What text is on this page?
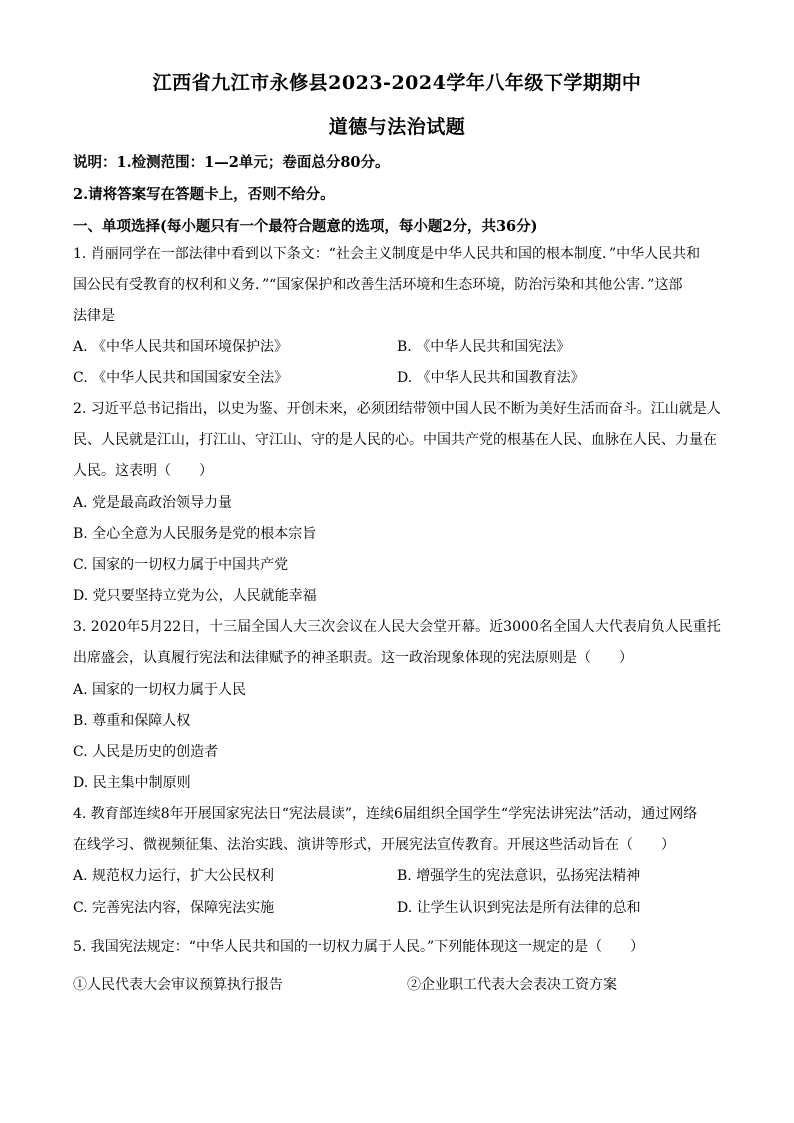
江西省九江市永修县2023-2024学年八年级下学期期中
道德与法治试题
说明：1.检测范围：1—2单元；卷面总分80分。
2.请将答案写在答题卡上，否则不给分。
一、单项选择(每小题只有一个最符合题意的选项，每小题2分，共36分)
1. 肖丽同学在一部法律中看到以下条文：“社会主义制度是中华人民共和国的根本制度．”中华人民共和
国公民有受教育的权利和义务．”“国家保护和改善生活环境和生态环境，防治污染和其他公害．”这部
法律是
A. 《中华人民共和国环境保护法》	B. 《中华人民共和国宪法》
C. 《中华人民共和国国家安全法》	D. 《中华人民共和国教育法》
2. 习近平总书记指出，以史为鉴、开创未来，必须团结带领中国人民不断为美好生活而奋斗。江山就是人
民、人民就是江山，打江山、守江山、守的是人民的心。中国共产党的根基在人民、血脉在人民、力量在
人民。这表明（　　）
A. 党是最高政治领导力量
B. 全心全意为人民服务是党的根本宗旨
C. 国家的一切权力属于中国共产党
D. 党只要坚持立党为公，人民就能幸福
3. 2020年5月22日，十三届全国人大三次会议在人民大会堂开幕。近3000名全国人大代表肩负人民重托
出席盛会，认真履行宪法和法律赋予的神圣职责。这一政治现象体现的宪法原则是（　　）
A. 国家的一切权力属于人民
B. 尊重和保障人权
C. 人民是历史的创造者
D. 民主集中制原则
4. 教育部连续8年开展国家宪法日“宪法晨读”，连续6届组织全国学生“学宪法讲宪法”活动，通过网络
在线学习、微视频征集、法治实践、演讲等形式，开展宪法宣传教育。开展这些活动旨在（　　）
A. 规范权力运行，扩大公民权利	B. 增强学生的宪法意识，弘扬宪法精神
C. 完善宪法内容，保障宪法实施	D. 让学生认识到宪法是所有法律的总和
5. 我国宪法规定：“中华人民共和国的一切权力属于人民。”下列能体现这一规定的是（　　）
①人民代表大会审议预算执行报告	②企业职工代表大会表决工资方案
